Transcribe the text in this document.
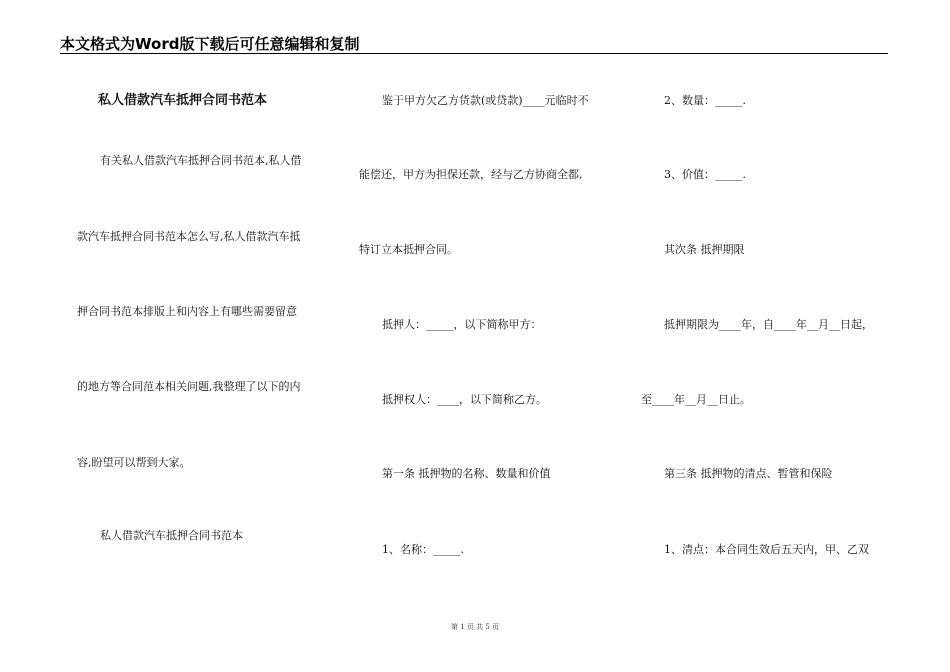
本文格式为Word版下载后可任意编辑和复制
私人借款汽车抵押合同书范本
有关私人借款汽车抵押合同书范本,私人借
款汽车抵押合同书范本怎么写,私人借款汽车抵
押合同书范本排版上和内容上有哪些需要留意
的地方等合同范本相关问题,我整理了以下的内
容,盼望可以帮到大家。
私人借款汽车抵押合同书范本
鉴于甲方欠乙方货款(或贷款)____元临时不
能偿还，甲方为担保还款，经与乙方协商全都,
特订立本抵押合同。
抵押人：_____，以下简称甲方：
抵押权人：____，以下简称乙方。
第一条 抵押物的名称、数量和价值
1、名称：_____.
2、数量：_____.
3、价值：_____.
其次条 抵押期限
抵押期限为____年，自____年__月__日起，
至____年__月__日止。
第三条 抵押物的清点、暂管和保险
1、清点：本合同生效后五天内，甲、乙双
第 1 页 共 5 页
